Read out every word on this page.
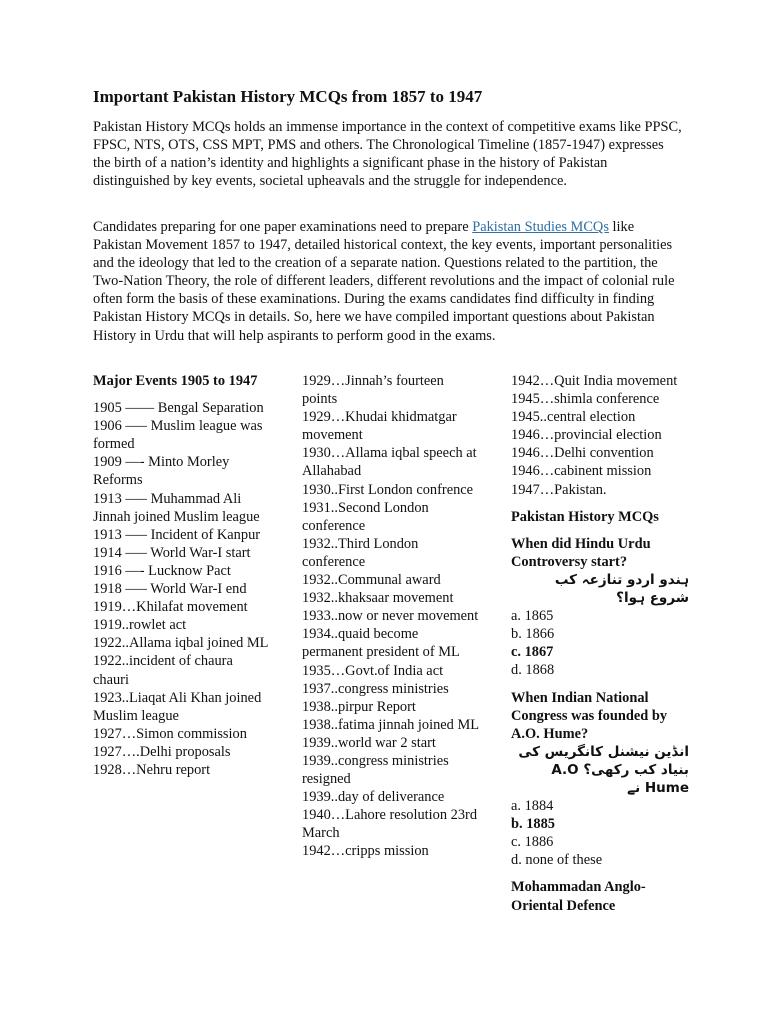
Important Pakistan History MCQs from 1857 to 1947

Pakistan History MCQs holds an immense importance in the context of competitive exams like PPSC, FPSC, NTS, OTS, CSS MPT, PMS and others. The Chronological Timeline (1857-1947) expresses the birth of a nation’s identity and highlights a significant phase in the history of Pakistan distinguished by key events, societal upheavals and the struggle for independence.

Candidates preparing for one paper examinations need to prepare Pakistan Studies MCQs like Pakistan Movement 1857 to 1947, detailed historical context, the key events, important personalities and the ideology that led to the creation of a separate nation. Questions related to the partition, the Two-Nation Theory, the role of different leaders, different revolutions and the impact of colonial rule often form the basis of these examinations. During the exams candidates find difficulty in finding Pakistan History MCQs in details. So, here we have compiled important questions about Pakistan History in Urdu that will help aspirants to perform good in the exams.

Major Events 1905 to 1947

1905 —— Bengal Separation

1906 —– Muslim league was formed

1909 —- Minto Morley Reforms

1913 —– Muhammad Ali Jinnah joined Muslim league

1913 —– Incident of Kanpur

1914 —– World War-I start

1916 —- Lucknow Pact

1918 —– World War-I end

1919…Khilafat movement

1919..rowlet act

1922..Allama iqbal joined ML

1922..incident of chaura chauri

1923..Liaqat Ali Khan joined Muslim league

1927…Simon commission

1927….Delhi proposals

1928…Nehru report

1929…Jinnah’s fourteen points

1929…Khudai khidmatgar movement

1930…Allama iqbal speech at Allahabad

1930..First London confrence

1931..Second London conference

1932..Third London conference

1932..Communal award

1932..khaksaar movement

1933..now or never movement

1934..quaid become permanent president of ML

1935…Govt.of India act

1937..congress ministries

1938..pirpur Report

1938..fatima jinnah joined ML

1939..world war 2 start

1939..congress ministries resigned

1939..day of deliverance

1940…Lahore resolution 23rd March

1942…cripps mission

1942…Quit India movement

1945…shimla conference

1945..central election

1946…provincial election

1946…Delhi convention

1946…cabinent mission

1947…Pakistan.

Pakistan History MCQs

When did Hindu Urdu Controversy start?
ہندو اردو تنازعہ کب شروع ہوا؟
a. 1865
b. 1866
c. 1867
d. 1868
When Indian National Congress was founded by A.O. Hume?
انڈین نیشنل کانگریس کی بنیاد کب رکھی؟ A.O Hume نے
a. 1884
b. 1885
c. 1886
d. none of these

Mohammadan Anglo-Oriental Defence
